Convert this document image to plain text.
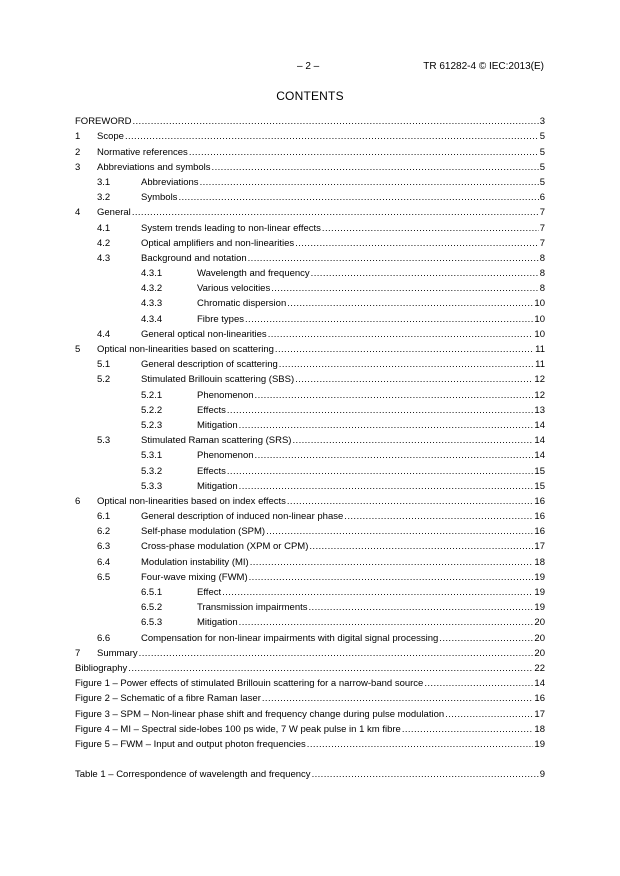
– 2 –	TR 61282-4 © IEC:2013(E)
CONTENTS
FOREWORD .....	3
1	Scope .....	5
2	Normative references .....	5
3	Abbreviations and symbols .....	5
3.1	Abbreviations .....	5
3.2	Symbols .....	6
4	General .....	7
4.1	System trends leading to non-linear effects .....	7
4.2	Optical amplifiers and non-linearities .....	7
4.3	Background and notation .....	8
4.3.1	Wavelength and frequency .....	8
4.3.2	Various velocities .....	8
4.3.3	Chromatic dispersion .....	10
4.3.4	Fibre types .....	10
4.4	General optical non-linearities .....	10
5	Optical non-linearities based on scattering .....	11
5.1	General description of scattering .....	11
5.2	Stimulated Brillouin scattering (SBS) .....	12
5.2.1	Phenomenon .....	12
5.2.2	Effects .....	13
5.2.3	Mitigation .....	14
5.3	Stimulated Raman scattering (SRS) .....	14
5.3.1	Phenomenon .....	14
5.3.2	Effects .....	15
5.3.3	Mitigation .....	15
6	Optical non-linearities based on index effects .....	16
6.1	General description of induced non-linear phase .....	16
6.2	Self-phase modulation (SPM) .....	16
6.3	Cross-phase modulation (XPM or CPM) .....	17
6.4	Modulation instability (MI) .....	18
6.5	Four-wave mixing (FWM) .....	19
6.5.1	Effect .....	19
6.5.2	Transmission impairments .....	19
6.5.3	Mitigation .....	20
6.6	Compensation for non-linear impairments with digital signal processing .....	20
7	Summary .....	20
Bibliography .....	22
Figure 1 – Power effects of stimulated Brillouin scattering for a narrow-band source .....	14
Figure 2 – Schematic of a fibre Raman laser .....	16
Figure 3 – SPM – Non-linear phase shift and frequency change during pulse modulation .....	17
Figure 4 – MI – Spectral side-lobes 100 ps wide, 7 W peak pulse in 1 km fibre .....	18
Figure 5 – FWM – Input and output photon frequencies .....	19
Table 1 – Correspondence of wavelength and frequency .....	9
